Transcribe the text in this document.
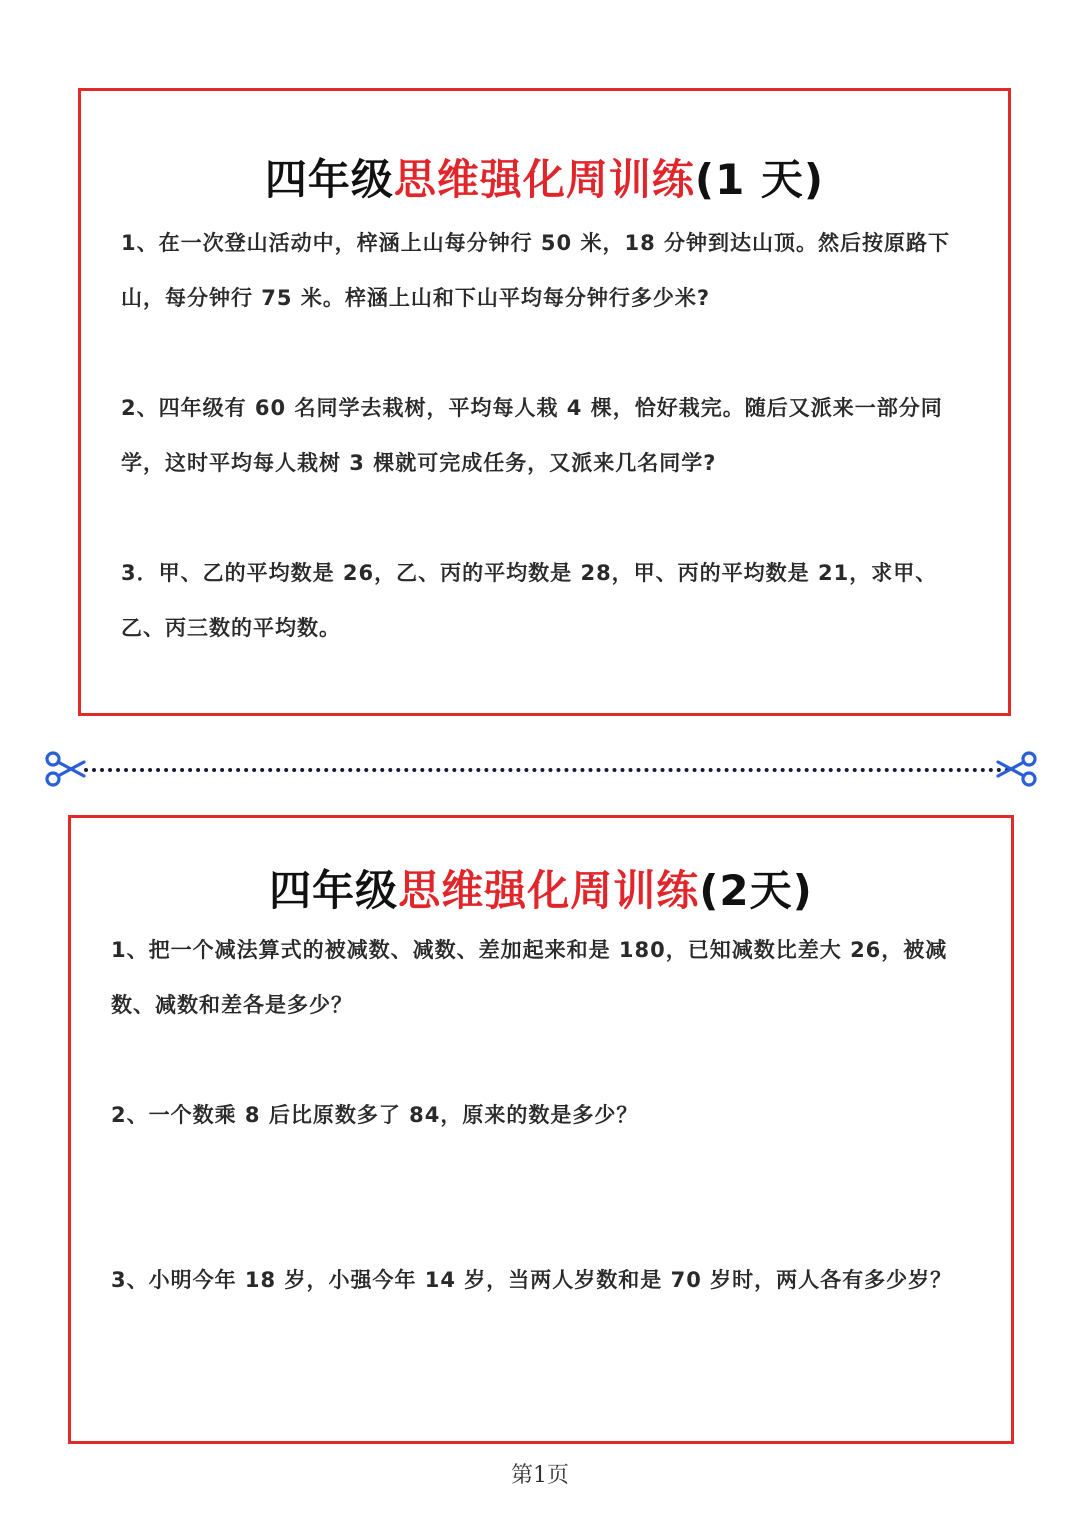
四年级思维强化周训练(1 天)
1、在一次登山活动中，梓涵上山每分钟行 50 米，18 分钟到达山顶。然后按原路下山，每分钟行 75 米。梓涵上山和下山平均每分钟行多少米?
2、四年级有 60 名同学去栽树，平均每人栽 4 棵，恰好栽完。随后又派来一部分同学，这时平均每人栽树 3 棵就可完成任务，又派来几名同学?
3．甲、乙的平均数是 26，乙、丙的平均数是 28，甲、丙的平均数是 21，求甲、乙、丙三数的平均数。
四年级思维强化周训练(2天)
1、把一个减法算式的被减数、减数、差加起来和是 180，已知减数比差大 26，被减数、减数和差各是多少？
2、一个数乘 8 后比原数多了 84，原来的数是多少？
3、小明今年 18 岁，小强今年 14 岁，当两人岁数和是 70 岁时，两人各有多少岁？
第1页
